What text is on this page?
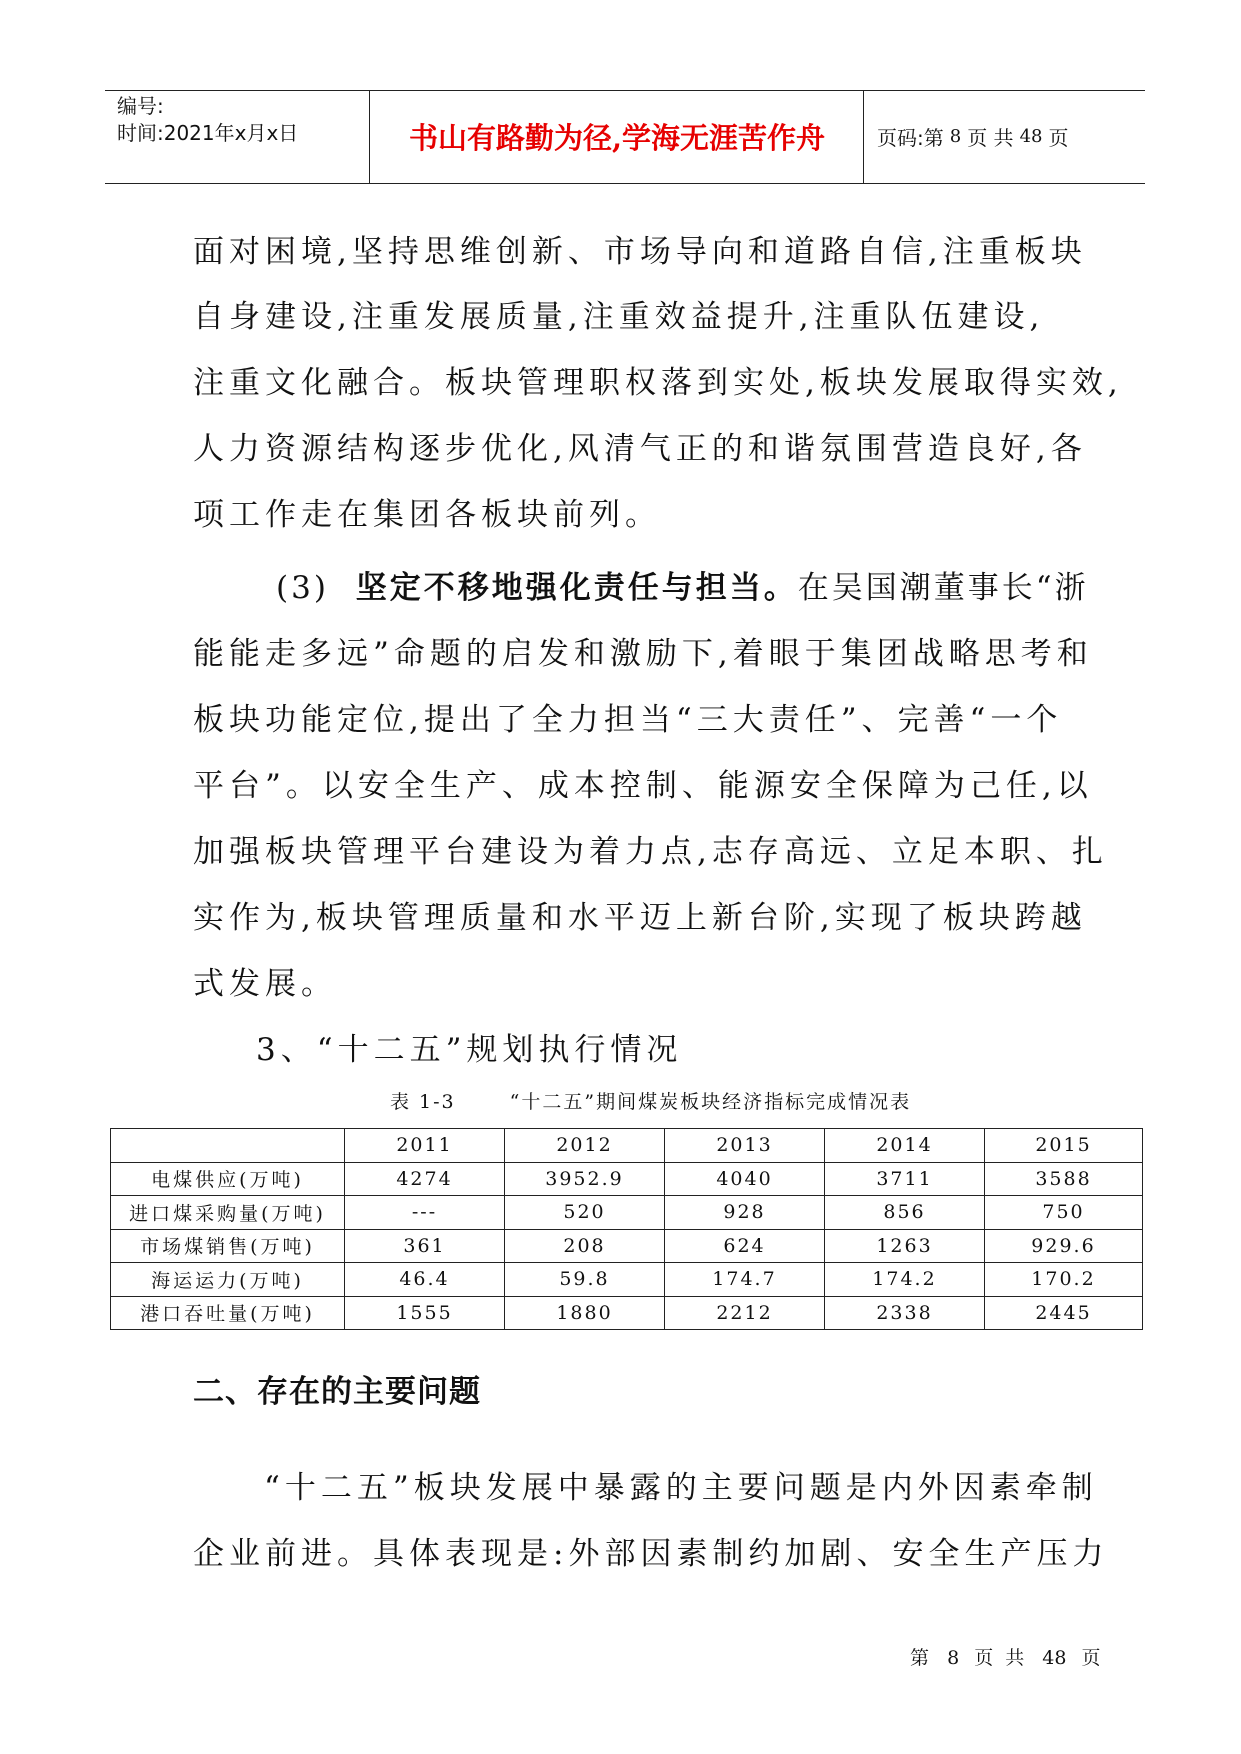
编号:
时间:2021年x月x日	书山有路勤为径,学海无涯苦作舟	页码:第 8 页 共 48 页
面对困境,坚持思维创新、市场导向和道路自信,注重板块
自身建设,注重发展质量,注重效益提升,注重队伍建设,
注重文化融合。板块管理职权落到实处,板块发展取得实效,
人力资源结构逐步优化,风清气正的和谐氛围营造良好,各
项工作走在集团各板块前列。
(3) 坚定不移地强化责任与担当。在吴国潮董事长“浙
能能走多远”命题的启发和激励下,着眼于集团战略思考和
板块功能定位,提出了全力担当“三大责任”、完善“一个
平台”。以安全生产、成本控制、能源安全保障为己任,以
加强板块管理平台建设为着力点,志存高远、立足本职、扎
实作为,板块管理质量和水平迈上新台阶,实现了板块跨越
式发展。
3、“十二五”规划执行情况
表 1-3	“十二五”期间煤炭板块经济指标完成情况表
	2011	2012	2013	2014	2015
电煤供应(万吨)	4274	3952.9	4040	3711	3588
进口煤采购量(万吨)	---	520	928	856	750
市场煤销售(万吨)	361	208	624	1263	929.6
海运运力(万吨)	46.4	59.8	174.7	174.2	170.2
港口吞吐量(万吨)	1555	1880	2212	2338	2445
二、存在的主要问题
“十二五”板块发展中暴露的主要问题是内外因素牵制
企业前进。具体表现是:外部因素制约加剧、安全生产压力
第 8 页 共 48 页
